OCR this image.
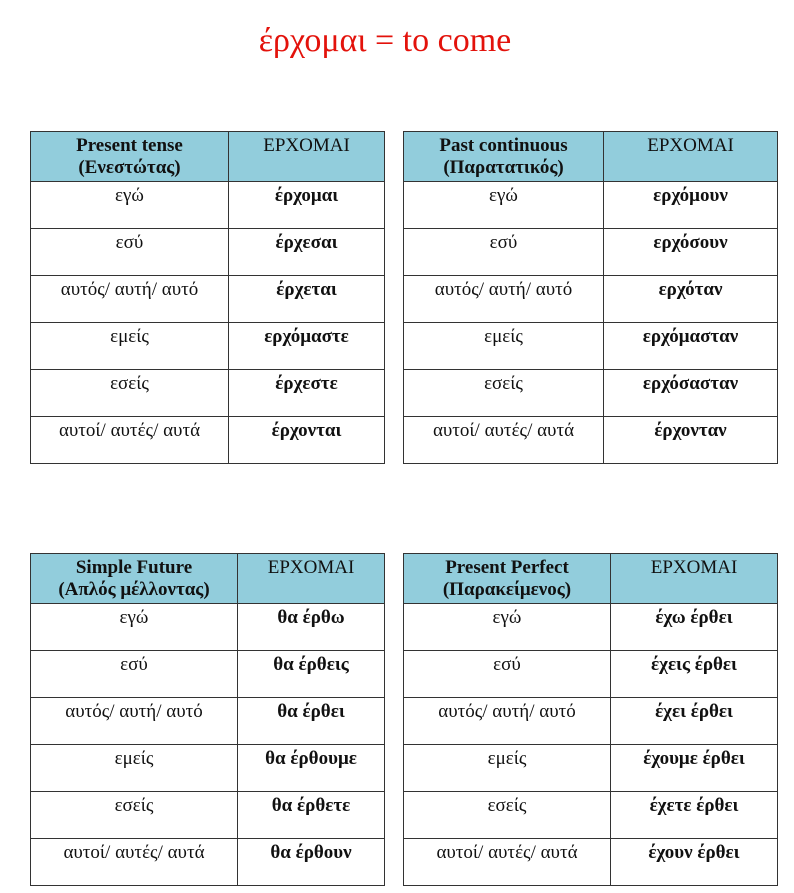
έρχομαι = to come
Present tense
(Ενεστώτας)	ΕΡΧΟΜΑΙ
εγώ	έρχομαι
εσύ	έρχεσαι
αυτός/ αυτή/ αυτό	έρχεται
εμείς	ερχόμαστε
εσείς	έρχεστε
αυτοί/ αυτές/ αυτά	έρχονται
Past continuous
(Παρατατικός)	ΕΡΧΟΜΑΙ
εγώ	ερχόμουν
εσύ	ερχόσουν
αυτός/ αυτή/ αυτό	ερχόταν
εμείς	ερχόμασταν
εσείς	ερχόσασταν
αυτοί/ αυτές/ αυτά	έρχονταν
Simple Future
(Απλός μέλλοντας)	ΕΡΧΟΜΑΙ
εγώ	θα έρθω
εσύ	θα έρθεις
αυτός/ αυτή/ αυτό	θα έρθει
εμείς	θα έρθουμε
εσείς	θα έρθετε
αυτοί/ αυτές/ αυτά	θα έρθουν
Present Perfect
(Παρακείμενος)	ΕΡΧΟΜΑΙ
εγώ	έχω έρθει
εσύ	έχεις έρθει
αυτός/ αυτή/ αυτό	έχει έρθει
εμείς	έχουμε έρθει
εσείς	έχετε έρθει
αυτοί/ αυτές/ αυτά	έχουν έρθει
